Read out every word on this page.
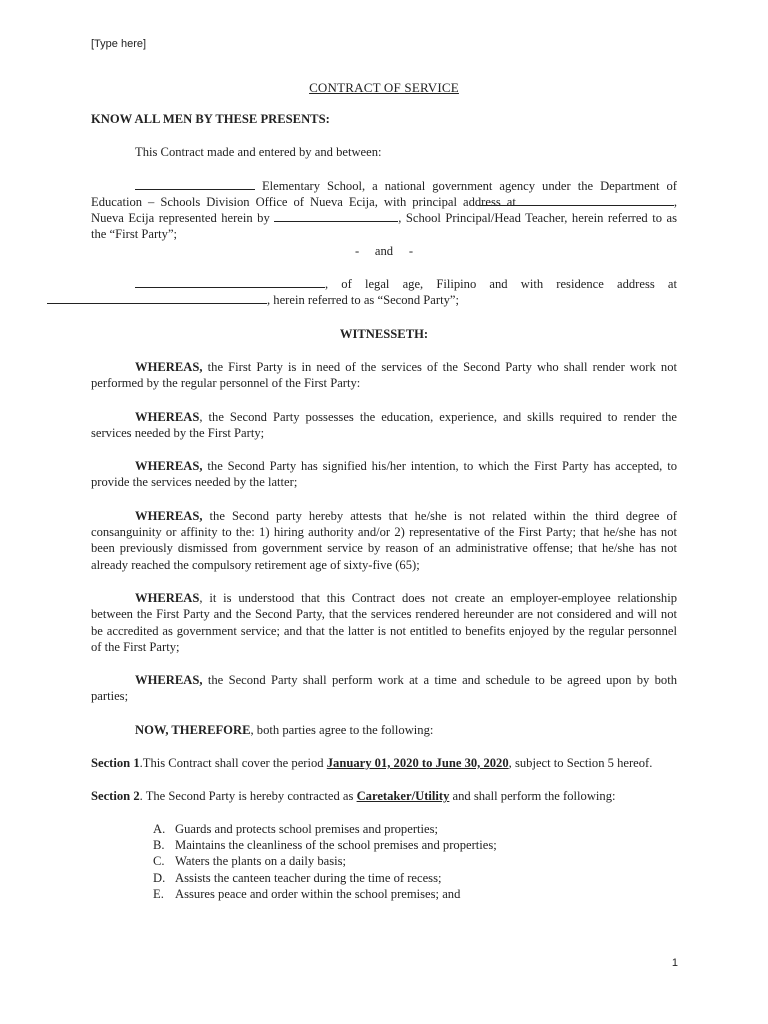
[Type here]
CONTRACT OF SERVICE

KNOW ALL MEN BY THESE PRESENTS:

This Contract made and entered by and between:

Elementary School, a national government agency under the Department of Education – Schools Division Office of Nueva Ecija, with principal address at	, Nueva Ecija represented herein by	, School Principal/Head Teacher, herein referred to as the “First Party”;

-     and     -

, of legal age, Filipino and with residence address at , herein referred to as “Second Party”;

WITNESSETH:

WHEREAS, the First Party is in need of the services of the Second Party who shall render work not performed by the regular personnel of the First Party:

WHEREAS, the Second Party possesses the education, experience, and skills required to render the services needed by the First Party;

WHEREAS, the Second Party has signified his/her intention, to which the First Party has accepted, to provide the services needed by the latter;

WHEREAS, the Second party hereby attests that he/she is not related within the third degree of consanguinity or affinity to the: 1) hiring authority and/or 2) representative of the First Party; that he/she has not been previously dismissed from government service by reason of an administrative offense; that he/she has not already reached the compulsory retirement age of sixty-five (65);

WHEREAS, it is understood that this Contract does not create an employer-employee relationship between the First Party and the Second Party, that the services rendered hereunder are not considered and will not be accredited as government service; and that the latter is not entitled to benefits enjoyed by the regular personnel of the First Party;

WHEREAS, the Second Party shall perform work at a time and schedule to be agreed upon by both parties;

NOW, THEREFORE, both parties agree to the following:

Section 1.This Contract shall cover the period January 01, 2020 to June 30, 2020, subject to Section 5 hereof.

Section 2. The Second Party is hereby contracted as Caretaker/Utility and shall perform the following:

A. Guards and protects school premises and properties;
B. Maintains the cleanliness of the school premises and properties;
C. Waters the plants on a daily basis;
D. Assists the canteen teacher during the time of recess;
E. Assures peace and order within the school premises; and
1
